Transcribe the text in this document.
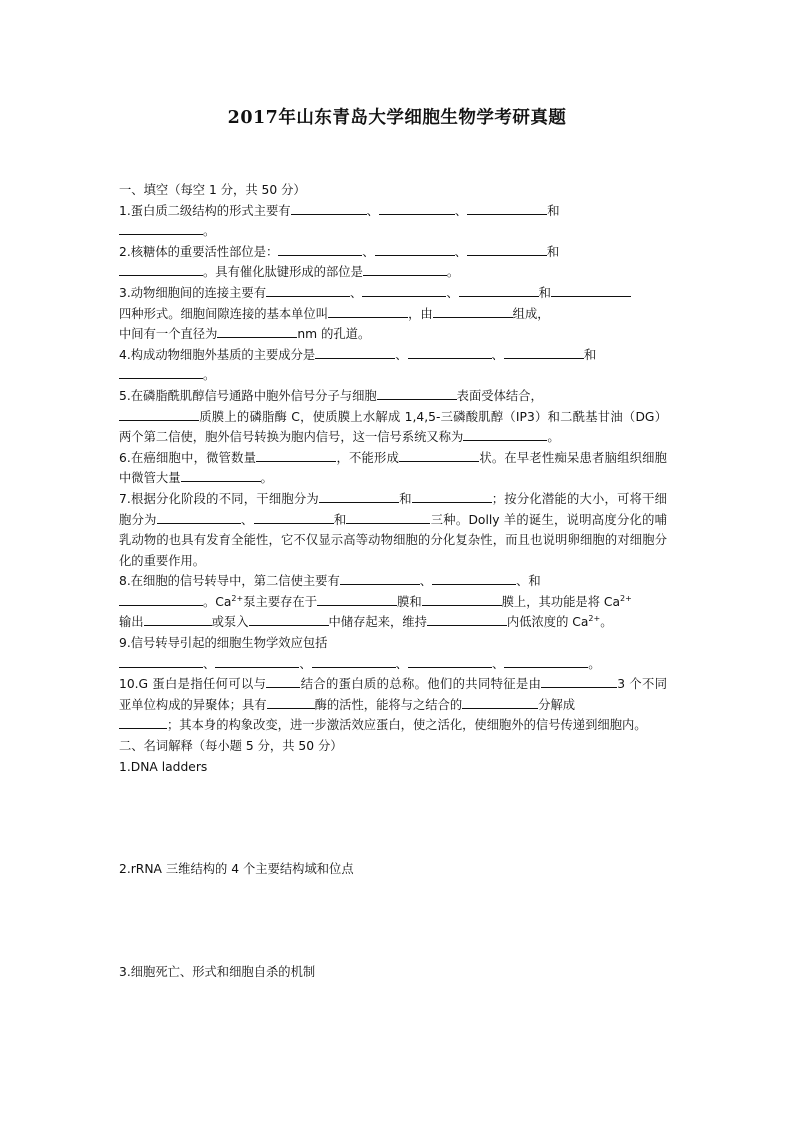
2017年山东青岛大学细胞生物学考研真题

一、填空（每空 1 分，共 50 分）

1.蛋白质二级结构的形式主要有	、	、	和
。

2.核糖体的重要活性部位是：	、	、	和
。具有催化肽键形成的部位是	。

3.动物细胞间的连接主要有	、	、	和
四种形式。细胞间隙连接的基本单位叫	，由	组成，
中间有一个直径为	nm 的孔道。

4.构成动物细胞外基质的主要成分是	、	、	和
。

5.在磷脂酰肌醇信号通路中胞外信号分子与细胞	表面受体结合，
质膜上的磷脂酶 C，使质膜上水解成 1,4,5-三磷酸肌醇（IP3）和二酰基甘油（DG）两个第二信使，胞外信号转换为胞内信号，这一信号系统又称为	。

6.在癌细胞中，微管数量	，不能形成	状。在早老性痴呆患者脑组织细胞中微管大量	。

7.根据分化阶段的不同，干细胞分为	和	；按分化潜能的大小，可将干细胞分为	、	和	三种。Dolly 羊的诞生，说明高度分化的哺乳动物的也具有发育全能性，它不仅显示高等动物细胞的分化复杂性，而且也说明卵细胞的对细胞分化的重要作用。

8.在细胞的信号转导中，第二信使主要有	、	、和
。$Ca^{2+}$泵主要存在于	膜和	膜上，其功能是将 $Ca^{2+}$
输出	或泵入	中储存起来，维持	内低浓度的 $Ca^{2+}$。

9.信号转导引起的细胞生物学效应包括
、	、	、	、	。

10.G 蛋白是指任何可以与	结合的蛋白质的总称。他们的共同特征是由	3 个不同亚单位构成的异聚体；具有	酶的活性，能将与之结合的	分解成
；其本身的构象改变，进一步激活效应蛋白，使之活化，使细胞外的信号传递到细胞内。

二、名词解释（每小题 5 分，共 50 分）

1.DNA ladders

2.rRNA 三维结构的 4 个主要结构域和位点

3.细胞死亡、形式和细胞自杀的机制
